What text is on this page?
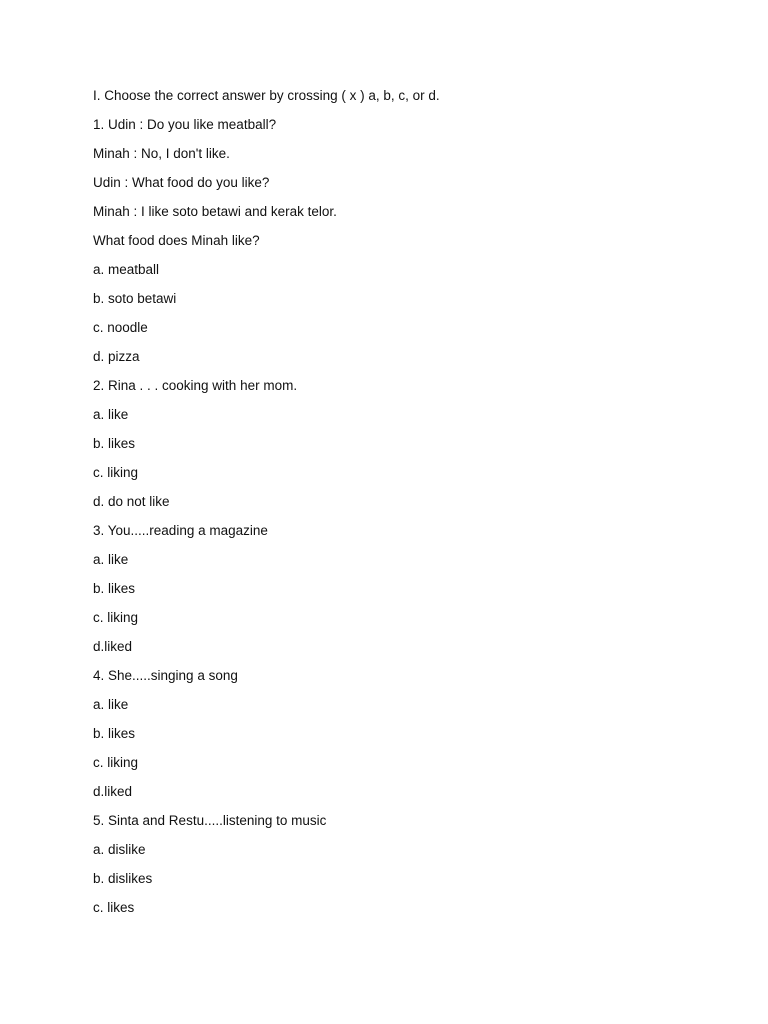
I. Choose the correct answer by crossing ( x ) a, b, c, or d.
1. Udin : Do you like meatball?
Minah : No, I don't like.
Udin : What food do you like?
Minah : I like soto betawi and kerak telor.
What food does Minah like?
a. meatball
b. soto betawi
c. noodle
d. pizza
2. Rina . . . cooking with her mom.
a. like
b. likes
c. liking
d. do not like
3. You.....reading a magazine
a. like
b. likes
c. liking
d.liked
4. She.....singing a song
a. like
b. likes
c. liking
d.liked
5. Sinta and Restu.....listening to music
a. dislike
b. dislikes
c. likes
